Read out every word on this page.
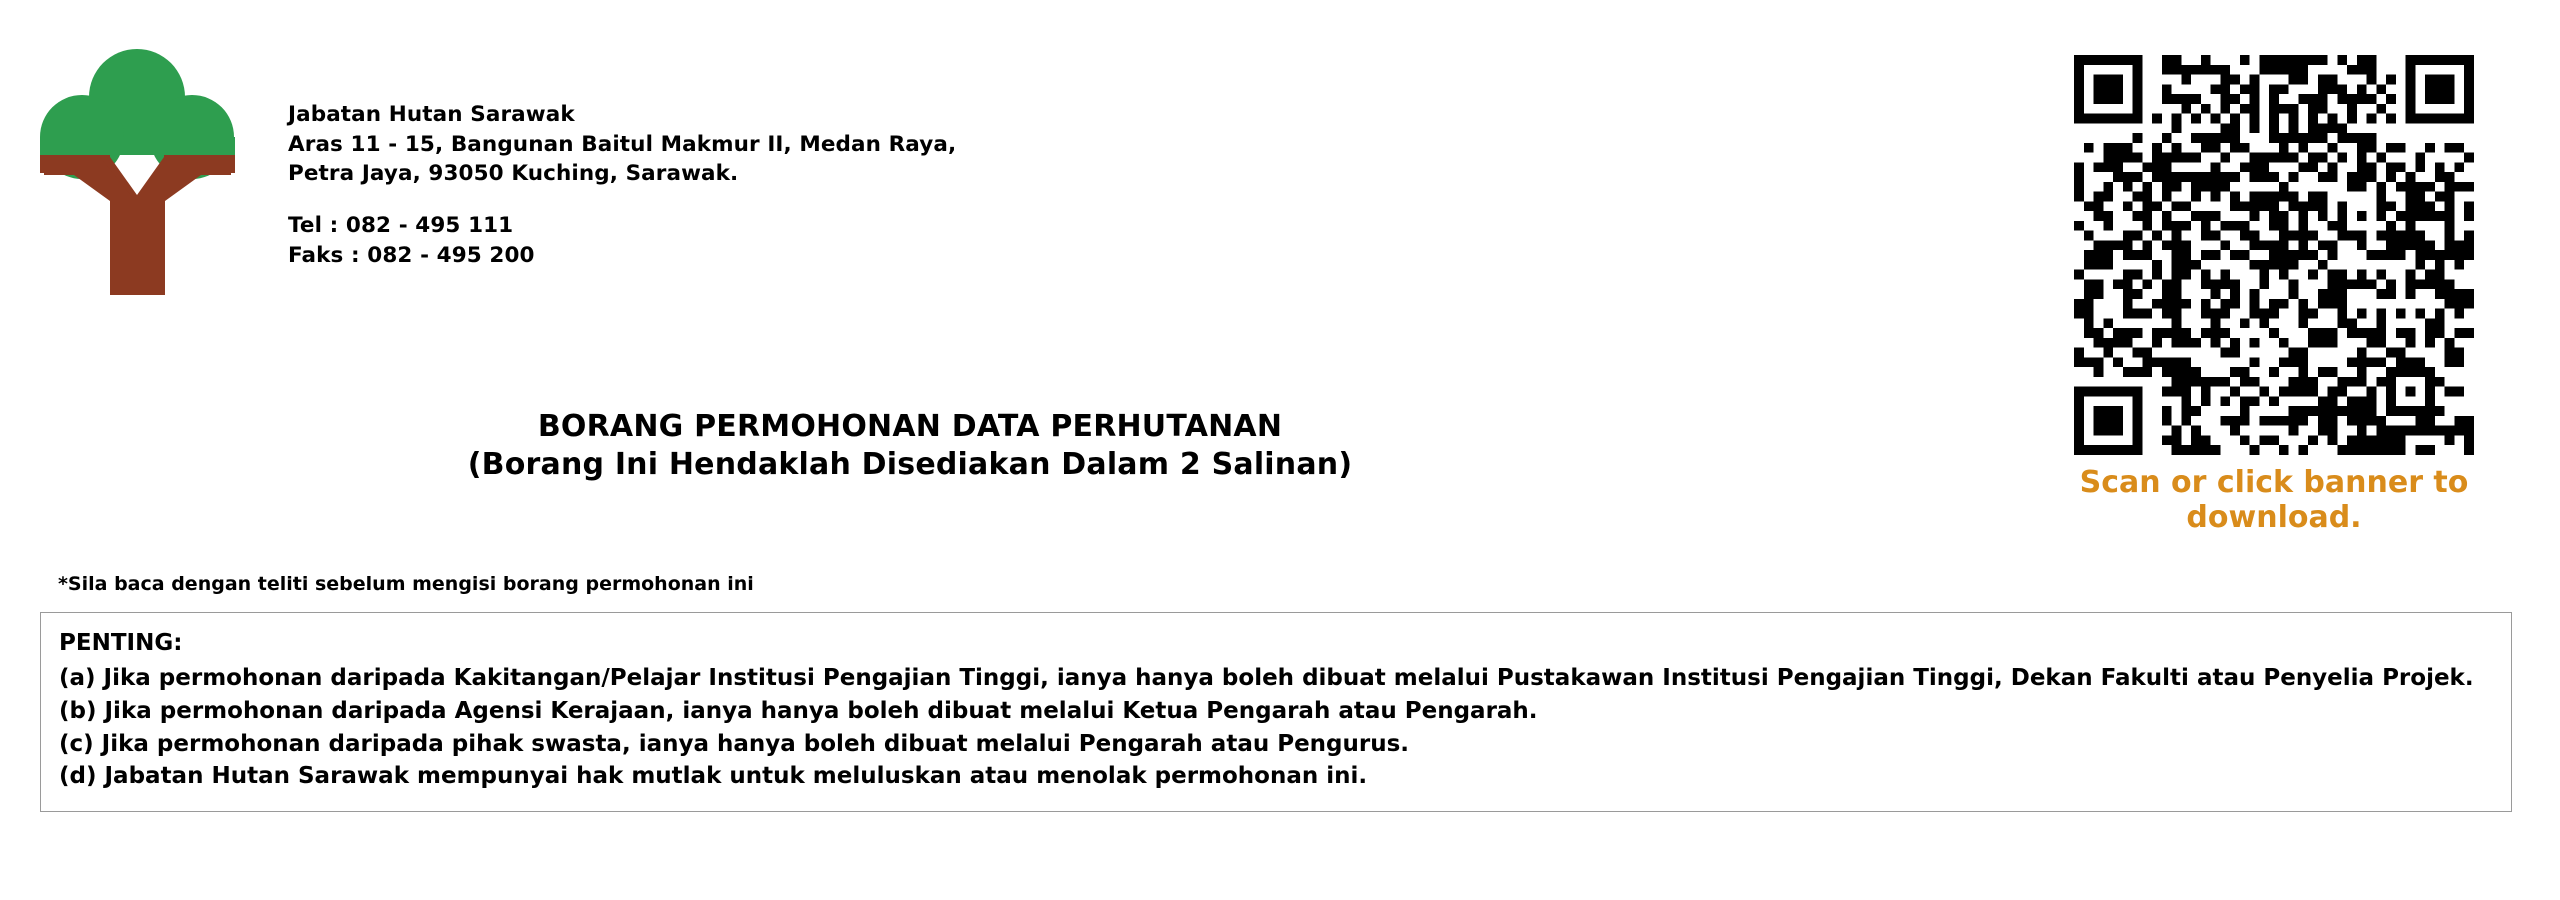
Jabatan Hutan Sarawak
Aras 11 - 15, Bangunan Baitul Makmur II, Medan Raya,
Petra Jaya, 93050 Kuching, Sarawak.
Tel : 082 - 495 111
Faks : 082 - 495 200
Scan or click banner to
download.
BORANG PERMOHONAN DATA PERHUTANAN
(Borang Ini Hendaklah Disediakan Dalam 2 Salinan)
*Sila baca dengan teliti sebelum mengisi borang permohonan ini
PENTING:
(a) Jika permohonan daripada Kakitangan/Pelajar Institusi Pengajian Tinggi, ianya hanya boleh dibuat melalui Pustakawan Institusi Pengajian Tinggi, Dekan Fakulti atau Penyelia Projek.
(b) Jika permohonan daripada Agensi Kerajaan, ianya hanya boleh dibuat melalui Ketua Pengarah atau Pengarah.
(c) Jika permohonan daripada pihak swasta, ianya hanya boleh dibuat melalui Pengarah atau Pengurus.
(d) Jabatan Hutan Sarawak mempunyai hak mutlak untuk meluluskan atau menolak permohonan ini.
